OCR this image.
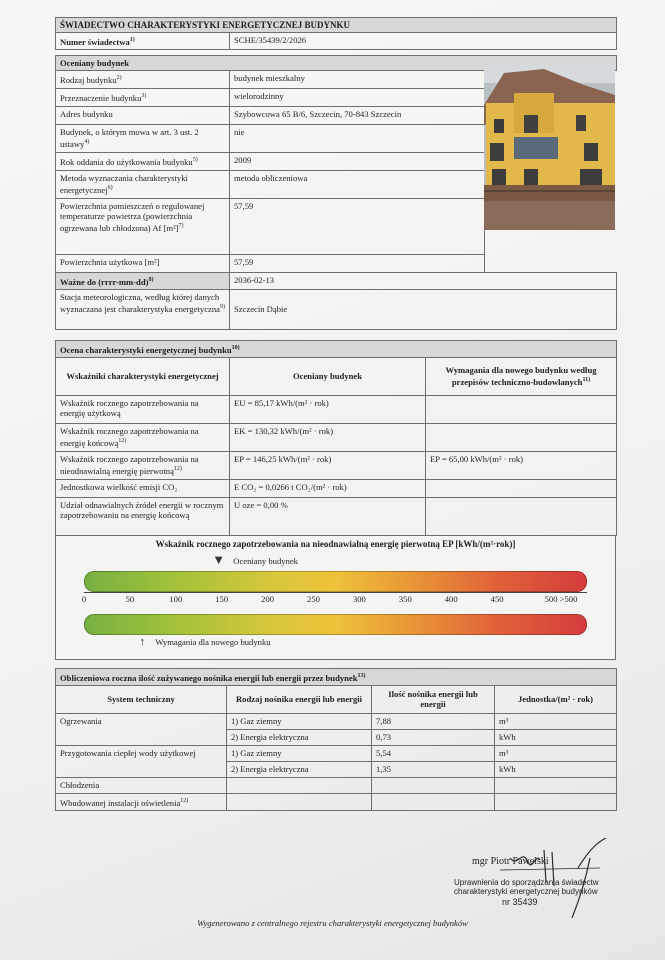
ŚWIADECTWO CHARAKTERYSTYKI ENERGETYCZNEJ BUDYNKU
Numer świadectwa$^{1)}$	SCHE/35439/2/2026
Oceniany budynek		
Rodzaj budynku$^{2)}$	budynek mieszkalny	
Przeznaczenie budynku$^{3)}$	wielorodzinny	
Adres budynku	Szybowcowa 65 B/6, Szczecin, 70-843 Szczecin	
Budynek, o którym mowa w art. 3 ust. 2 ustawy$^{4)}$	nie	
Rok oddania do użytkowania budynku$^{5)}$	2009	
Metoda wyznaczania charakterystyki energetycznej$^{6)}$	metoda obliczeniowa	
Powierzchnia pomieszczeń o regulowanej temperaturze powietrza (powierzchnia ogrzewana lub chłodzona) Af $[m^2]^{7)}$	57,59	
Powierzchnia użytkowa [m²]	57,59	
Ważne do (rrrr-mm-dd)$^{8)}$	2036-02-13	
Stacja meteorologiczna, według której danych wyznaczana jest charakterystyka energetyczna$^{9)}$	Szczecin Dąbie	
Ocena charakterystyki energetycznej budynku$^{10)}$
Wskaźniki charakterystyki energetycznej	Oceniany budynek	Wymagania dla nowego budynku według przepisów techniczno-budowlanych$^{11)}$
Wskaźnik rocznego zapotrzebowania na energię użytkową	EU = 85,17 kWh/(m² · rok)	
Wskaźnik rocznego zapotrzebowania na energię końcową$^{12)}$	EK = 130,32 kWh/(m² · rok)	
Wskaźnik rocznego zapotrzebowania na nieodnawialną energię pierwotną$^{12)}$	EP = 146,25 kWh/(m² · rok)	EP = 65,00 kWh/(m² · rok)
Jednostkowa wielkość emisji CO₂	E CO₂ = 0,0266 t CO₂/(m² · rok)	
Udział odnawialnych źródeł energii w rocznym zapotrzebowaniu na energię końcową	U oze = 0,00 %	
Wskaźnik rocznego zapotrzebowania na nieodnawialną energię pierwotną EP [kWh/(m²·rok)]
▼ Oceniany budynek
0	50	100	150	200	250	300	350	400	450	500 >500
↑ Wymagania dla nowego budynku
Obliczeniowa roczna ilość zużywanego nośnika energii lub energii przez budynek$^{13)}$
System techniczny	Rodzaj nośnika energii lub energii	Ilość nośnika energii lub energii	Jednostka/(m² · rok)
Ogrzewania	1) Gaz ziemny	7,88	m³
	2) Energia elektryczna	0,73	kWh
Przygotowania ciepłej wody użytkowej	1) Gaz ziemny	5,54	m³
	2) Energia elektryczna	1,35	kWh
Chłodzenia			
Wbudowanej instalacji oświetlenia$^{12)}$			
mgr Piotr Pawelski
Uprawnienia do sporządzania świadectw
charakterystyki energetycznej budynków
nr 35439
Wygenerowano z centralnego rejestru charakterystyki energetycznej budynków
